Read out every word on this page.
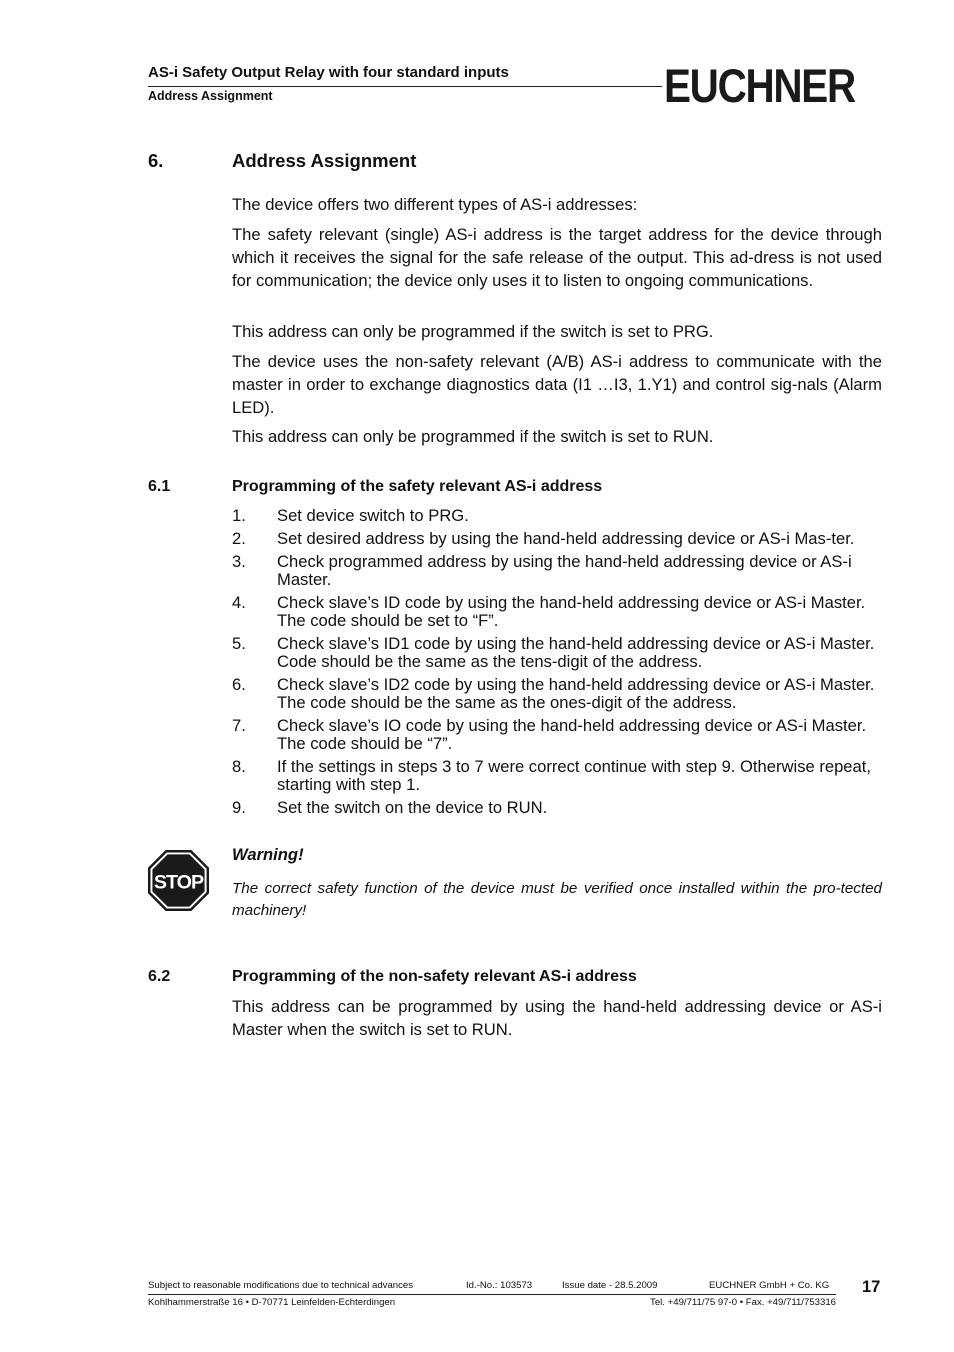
AS-i Safety Output Relay with four standard inputs
Address Assignment	EUCHNER
6.	Address Assignment
The device offers two different types of AS-i addresses:
The safety relevant (single) AS-i address is the target address for the device through which it receives the signal for the safe release of the output. This ad-dress is not used for communication; the device only uses it to listen to ongoing communications.
This address can only be programmed if the switch is set to PRG.
The device uses the non-safety relevant (A/B) AS-i address to communicate with the master in order to exchange diagnostics data (I1 …I3, 1.Y1) and control sig-nals (Alarm LED).
This address can only be programmed if the switch is set to RUN.
6.1	Programming of the safety relevant AS-i address
1.	Set device switch to PRG.
2.	Set desired address by using the hand-held addressing device or AS-i Mas-ter.
3.	Check programmed address by using the hand-held addressing device or AS-i Master.
4.	Check slave’s ID code by using the hand-held addressing device or AS-i Master. The code should be set to “F”.
5.	Check slave’s ID1 code by using the hand-held addressing device or AS-i Master. Code should be the same as the tens-digit of the address.
6.	Check slave’s ID2 code by using the hand-held addressing device or AS-i Master. The code should be the same as the ones-digit of the address.
7.	Check slave’s IO code by using the hand-held addressing device or AS-i Master. The code should be “7”.
8.	If the settings in steps 3 to 7 were correct continue with step 9. Otherwise repeat, starting with step 1.
9.	Set the switch on the device to RUN.
STOP
Warning!
The correct safety function of the device must be verified once installed within the pro-tected machinery!
6.2	Programming of the non-safety relevant AS-i address
This address can be programmed by using the hand-held addressing device or AS-i Master when the switch is set to RUN.
Subject to reasonable modifications due to technical advances	Id.-No.: 103573	Issue date - 28.5.2009	EUCHNER GmbH + Co. KG
Kohlhammerstraße 16 • D-70771 Leinfelden-Echterdingen	Tel. +49/711/75 97-0 • Fax. +49/711/753316
17
